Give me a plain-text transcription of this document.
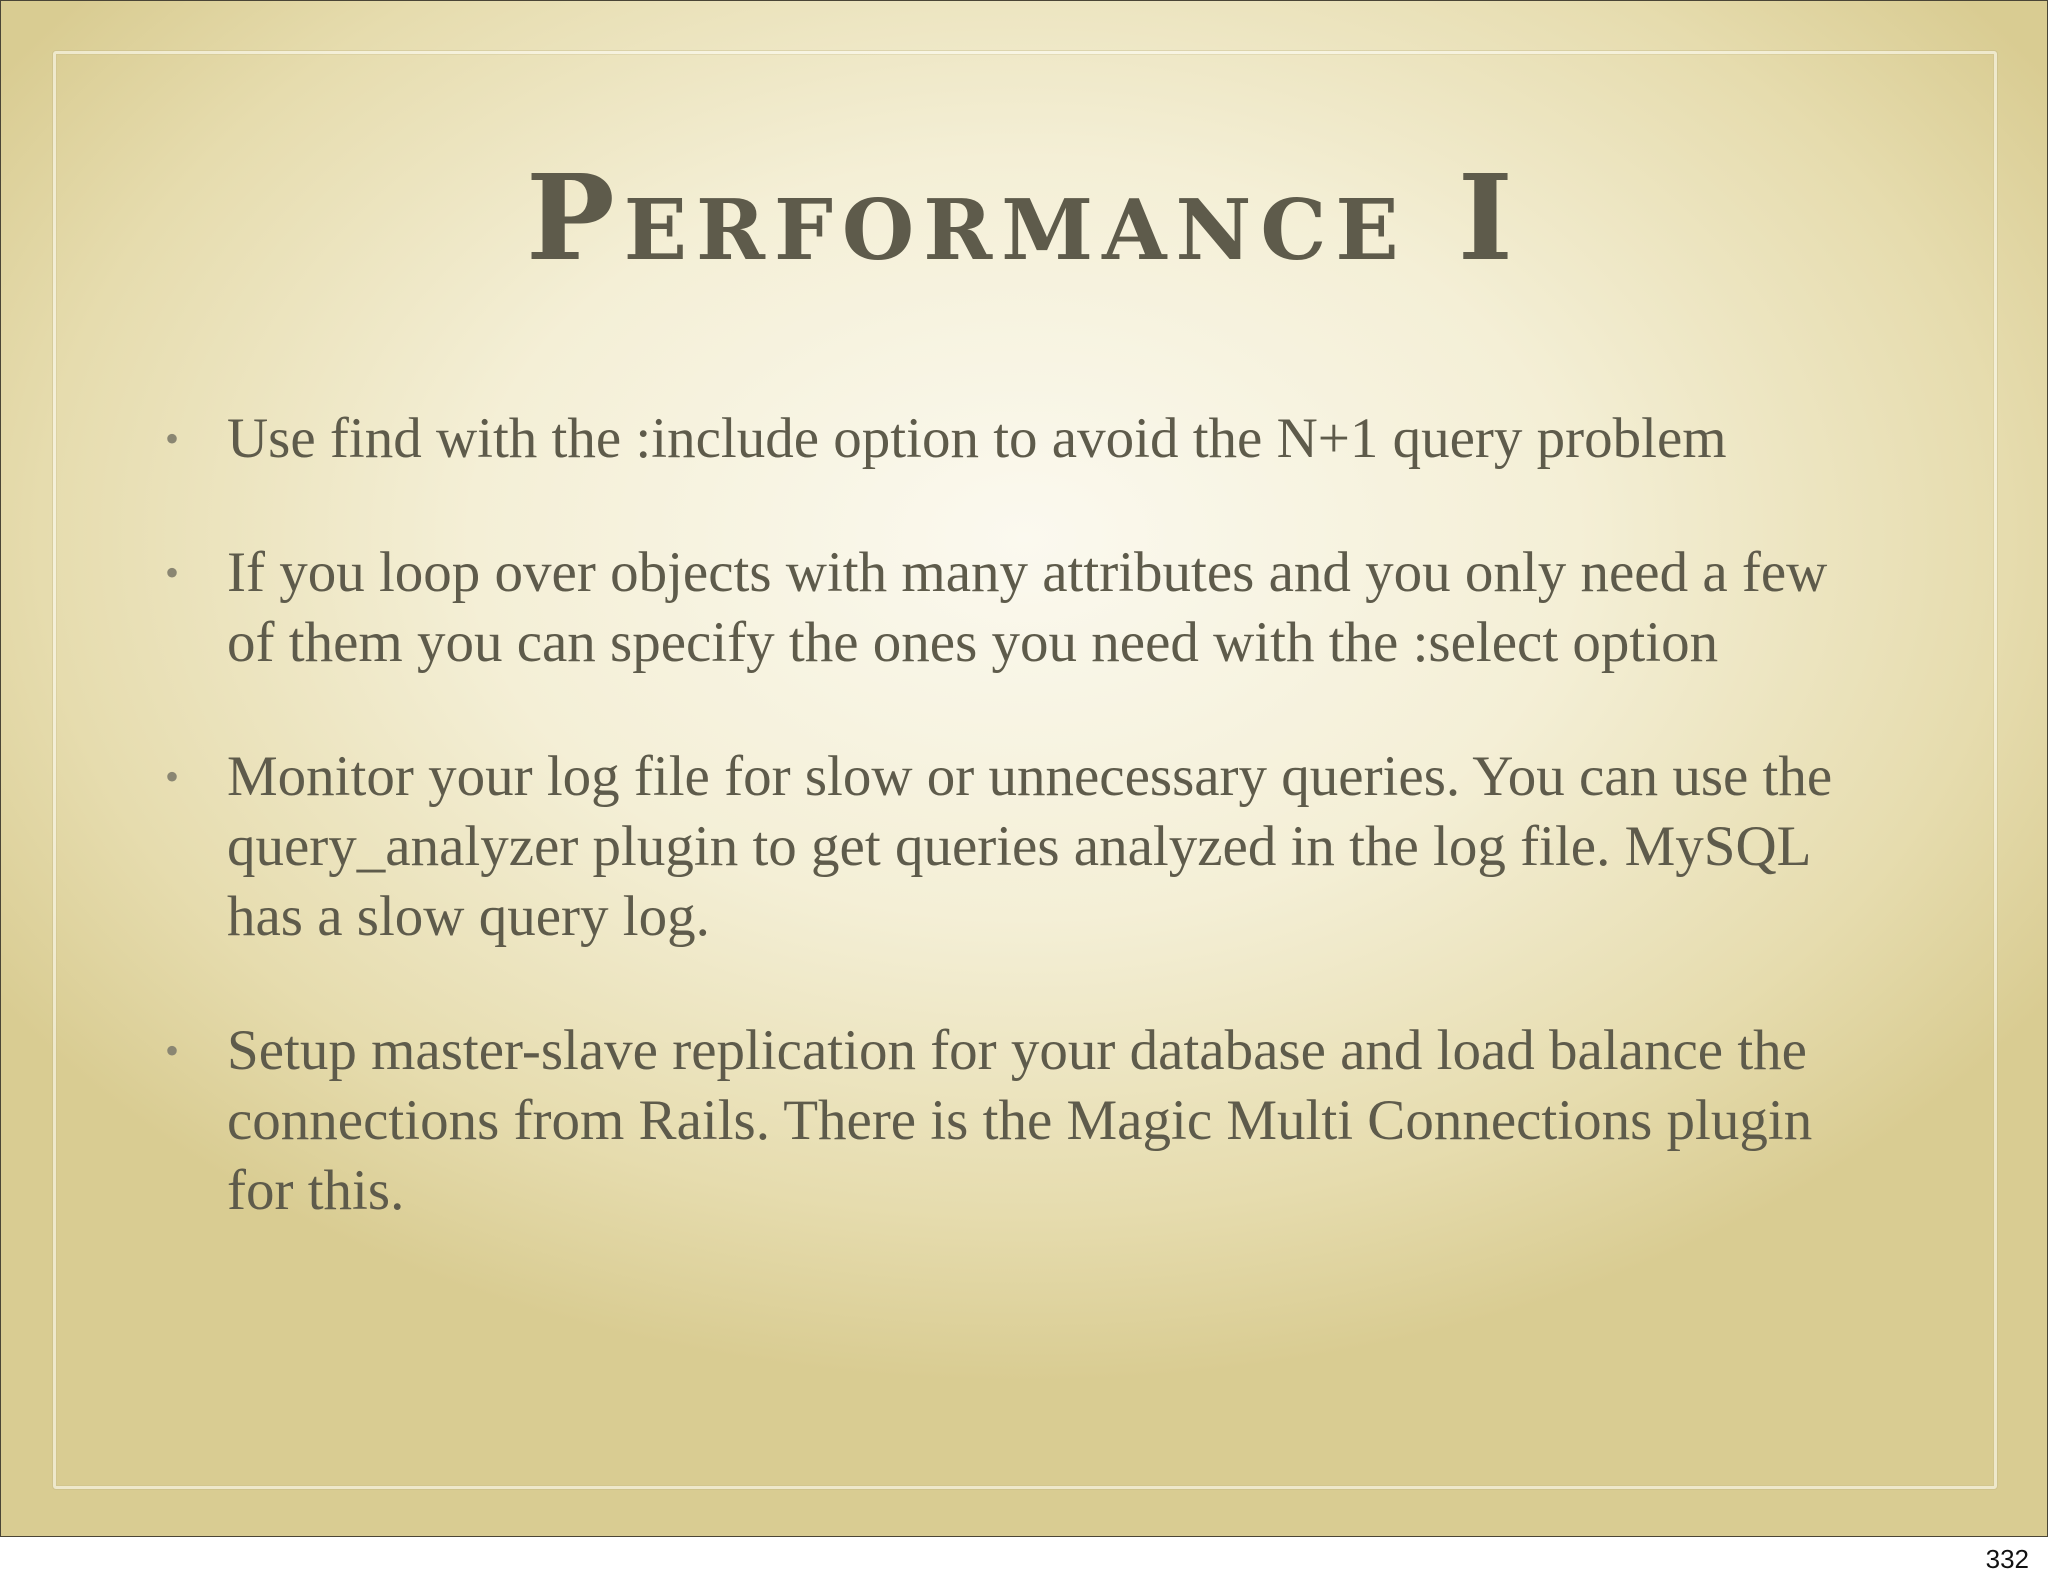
Performance I
• Use find with the :include option to avoid the N+1 query problem
• If you loop over objects with many attributes and you only need a few of them you can specify the ones you need with the :select option
• Monitor your log file for slow or unnecessary queries. You can use the query_analyzer plugin to get queries analyzed in the log file. MySQL has a slow query log.
• Setup master-slave replication for your database and load balance the connections from Rails. There is the Magic Multi Connections plugin for this.
332
